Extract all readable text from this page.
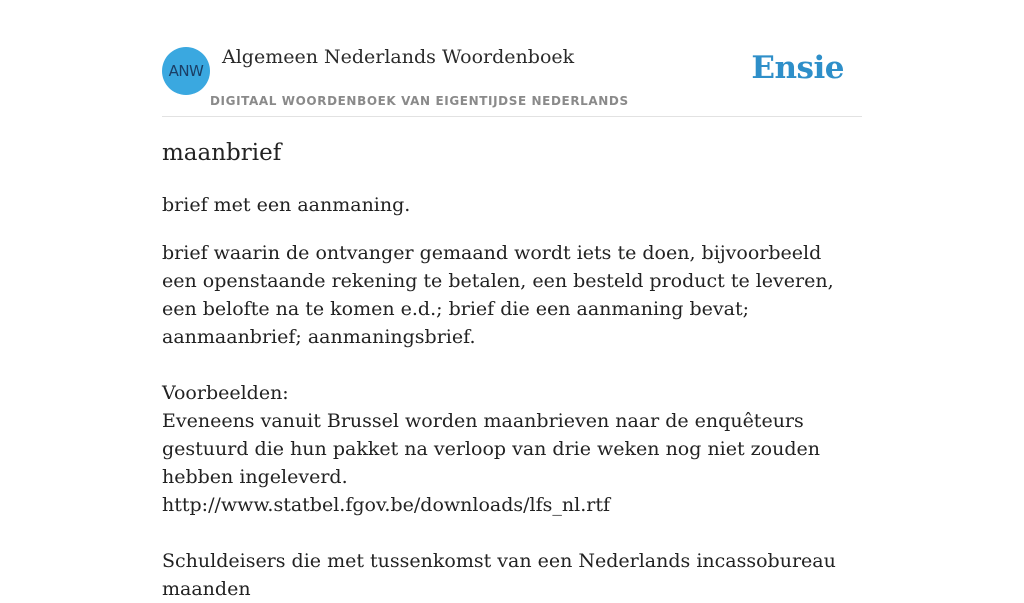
ANW
Algemeen Nederlands Woordenboek
DIGITAAL WOORDENBOEK VAN EIGENTIJDSE NEDERLANDS
Ensie
maanbrief
brief met een aanmaning.

brief waarin de ontvanger gemaand wordt iets te doen, bijvoorbeeld een openstaande rekening te betalen, een besteld product te leveren, een belofte na te komen e.d.; brief die een aanmaning bevat; aanmaanbrief; aanmaningsbrief.

Voorbeelden:

Eveneens vanuit Brussel worden maanbrieven naar de enquêteurs gestuurd die hun pakket na verloop van drie weken nog niet zouden hebben ingeleverd.

http://www.statbel.fgov.be/downloads/lfs_nl.rtf

Schuldeisers die met tussenkomst van een Nederlands incassobureau maanden
